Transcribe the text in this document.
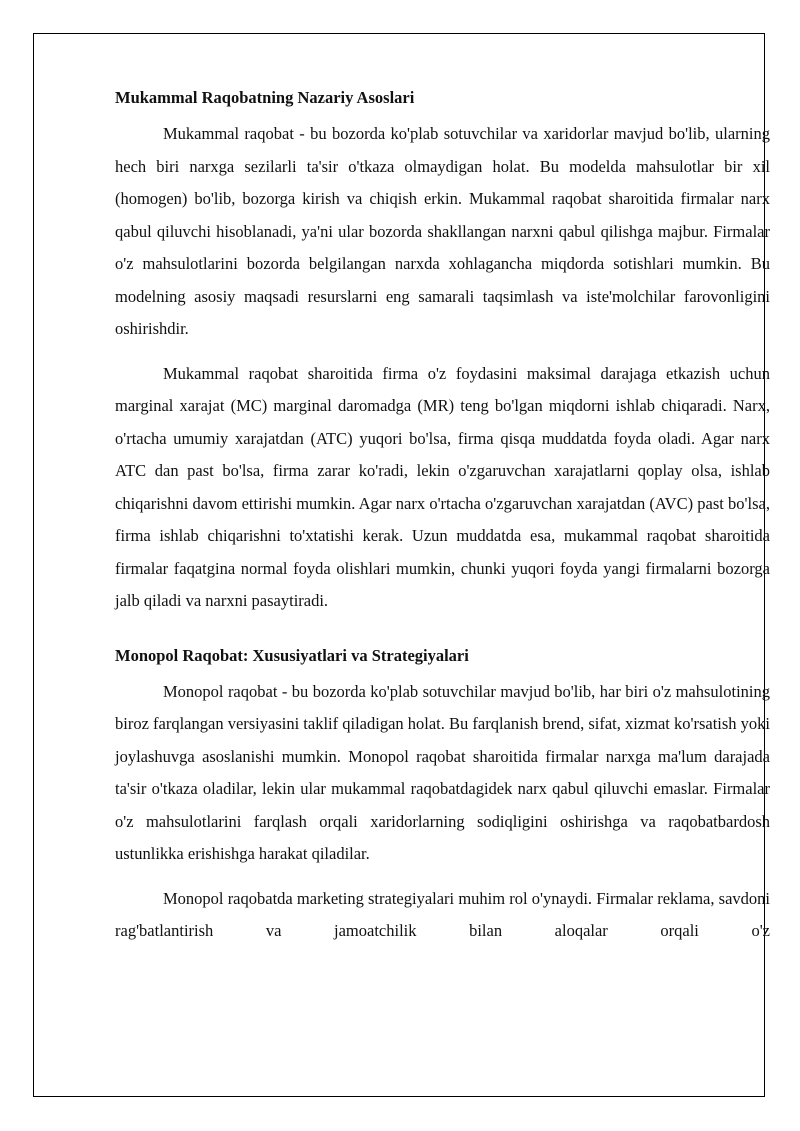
Mukammal Raqobatning Nazariy Asoslari

Mukammal raqobat - bu bozorda ko'plab sotuvchilar va xaridorlar mavjud bo'lib, ularning hech biri narxga sezilarli ta'sir o'tkaza olmaydigan holat. Bu modelda mahsulotlar bir xil (homogen) bo'lib, bozorga kirish va chiqish erkin. Mukammal raqobat sharoitida firmalar narx qabul qiluvchi hisoblanadi, ya'ni ular bozorda shakllangan narxni qabul qilishga majbur. Firmalar o'z mahsulotlarini bozorda belgilangan narxda xohlagancha miqdorda sotishlari mumkin. Bu modelning asosiy maqsadi resurslarni eng samarali taqsimlash va iste'molchilar farovonligini oshirishdir.

Mukammal raqobat sharoitida firma o'z foydasini maksimal darajaga etkazish uchun marginal xarajat (MC) marginal daromadga (MR) teng bo'lgan miqdorni ishlab chiqaradi. Narx, o'rtacha umumiy xarajatdan (ATC) yuqori bo'lsa, firma qisqa muddatda foyda oladi. Agar narx ATC dan past bo'lsa, firma zarar ko'radi, lekin o'zgaruvchan xarajatlarni qoplay olsa, ishlab chiqarishni davom ettirishi mumkin. Agar narx o'rtacha o'zgaruvchan xarajatdan (AVC) past bo'lsa, firma ishlab chiqarishni to'xtatishi kerak. Uzun muddatda esa, mukammal raqobat sharoitida firmalar faqatgina normal foyda olishlari mumkin, chunki yuqori foyda yangi firmalarni bozorga jalb qiladi va narxni pasaytiradi.

Monopol Raqobat: Xususiyatlari va Strategiyalari

Monopol raqobat - bu bozorda ko'plab sotuvchilar mavjud bo'lib, har biri o'z mahsulotining biroz farqlangan versiyasini taklif qiladigan holat. Bu farqlanish brend, sifat, xizmat ko'rsatish yoki joylashuvga asoslanishi mumkin. Monopol raqobat sharoitida firmalar narxga ma'lum darajada ta'sir o'tkaza oladilar, lekin ular mukammal raqobatdagidek narx qabul qiluvchi emaslar. Firmalar o'z mahsulotlarini farqlash orqali xaridorlarning sodiqligini oshirishga va raqobatbardosh ustunlikka erishishga harakat qiladilar.

Monopol raqobatda marketing strategiyalari muhim rol o'ynaydi. Firmalar reklama, savdoni rag'batlantirish va jamoatchilik bilan aloqalar orqali o'z
